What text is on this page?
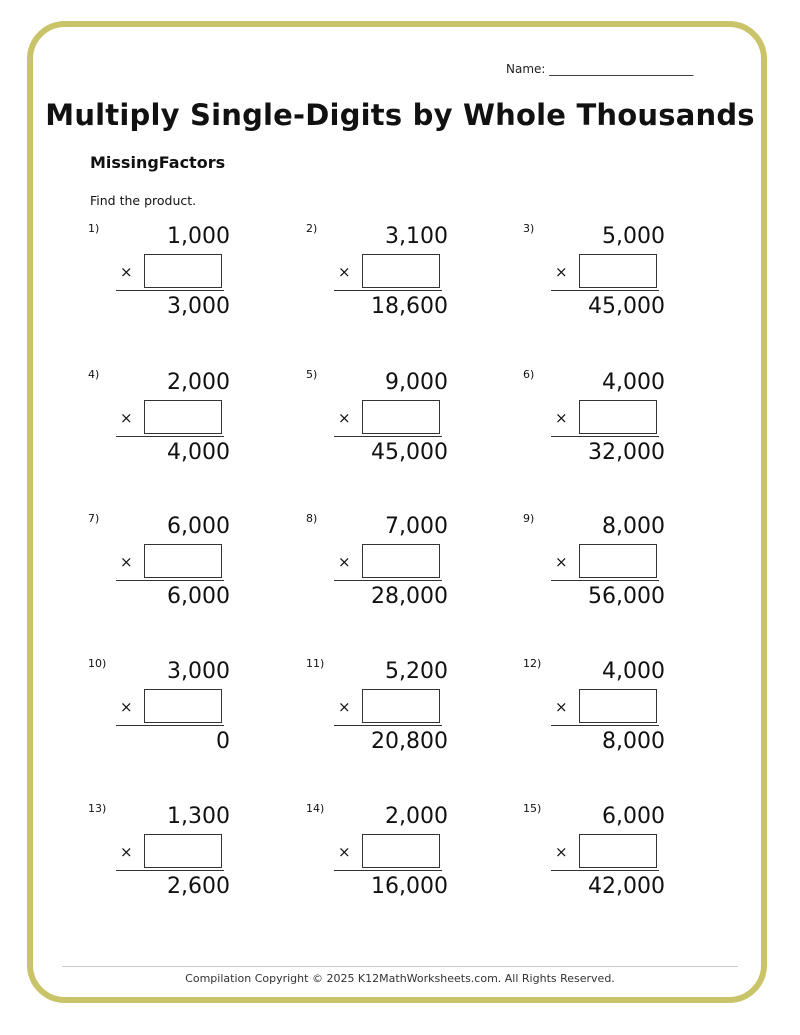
Name: ________________________
Multiply Single-Digits by Whole Thousands
MissingFactors
Find the product.
1)	1,000
×
3,000
2)	3,100
×
18,600
3)	5,000
×
45,000
4)	2,000
×
4,000
5)	9,000
×
45,000
6)	4,000
×
32,000
7)	6,000
×
6,000
8)	7,000
×
28,000
9)	8,000
×
56,000
10)	3,000
×
0
11)	5,200
×
20,800
12)	4,000
×
8,000
13)	1,300
×
2,600
14)	2,000
×
16,000
15)	6,000
×
42,000
Compilation Copyright © 2025 K12MathWorksheets.com. All Rights Reserved.
